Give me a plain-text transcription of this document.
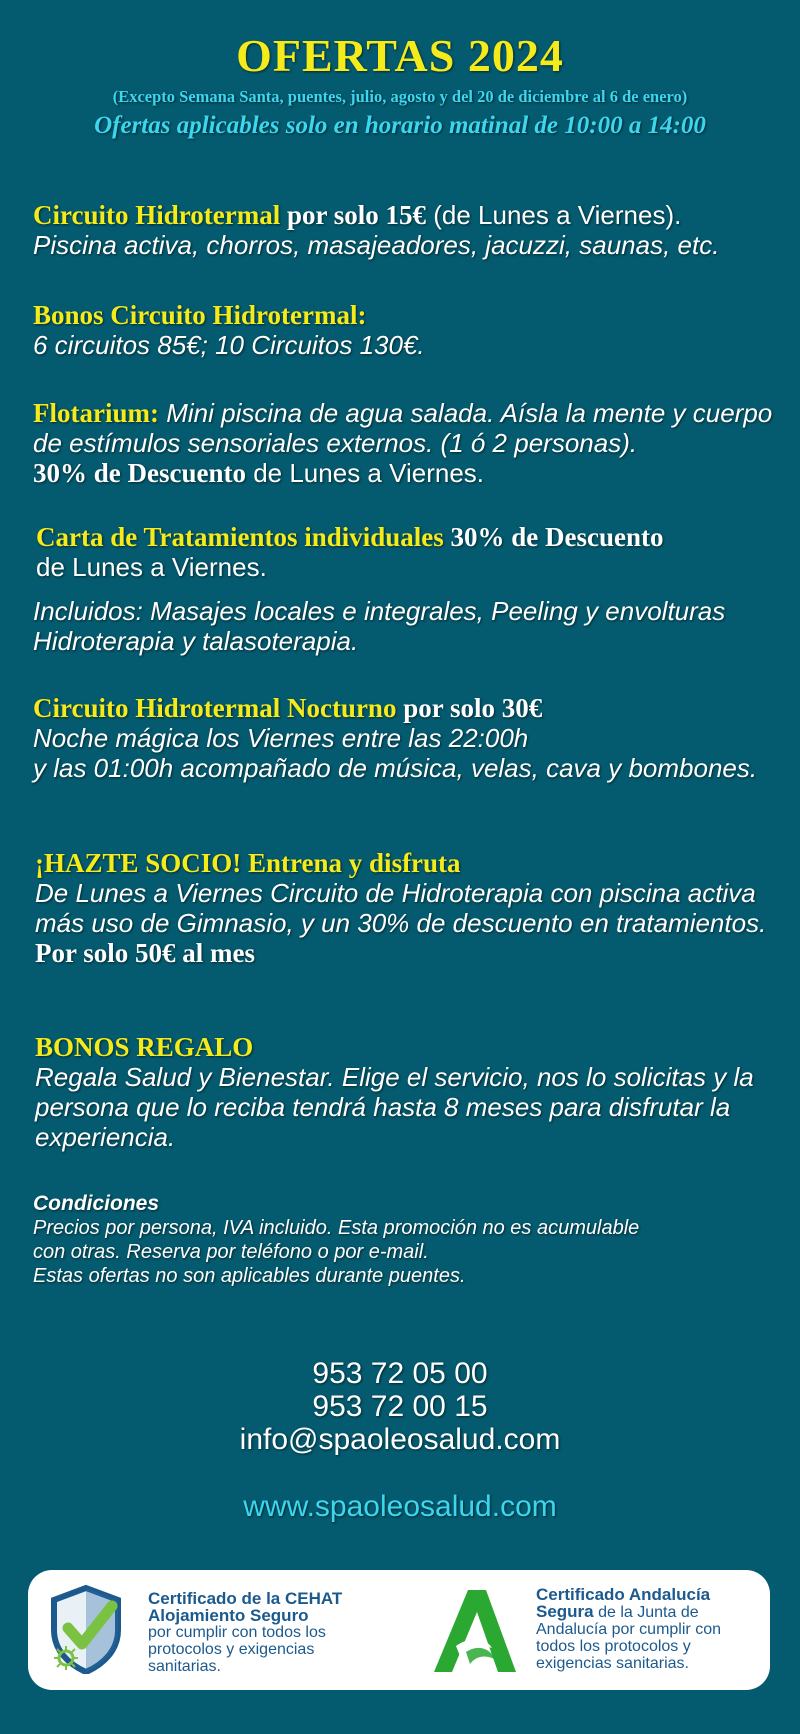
OFERTAS 2024
(Excepto Semana Santa, puentes, julio, agosto y del 20 de diciembre al 6 de enero)
Ofertas aplicables solo en horario matinal de 10:00 a 14:00

Circuito Hidrotermal por solo 15€ (de Lunes a Viernes).

Piscina activa, chorros, masajeadores, jacuzzi, saunas, etc.

Bonos Circuito Hidrotermal:

6 circuitos 85€; 10 Circuitos 130€.

Flotarium: Mini piscina de agua salada. Aísla la mente y cuerpo de estímulos sensoriales externos. (1 ó 2 personas).

30% de Descuento de Lunes a Viernes.

Carta de Tratamientos individuales 30% de Descuento

de Lunes a Viernes.

Incluidos: Masajes locales e integrales, Peeling y envolturas Hidroterapia y talasoterapia.

Circuito Hidrotermal Nocturno por solo 30€

Noche mágica los Viernes entre las 22:00h

y las 01:00h acompañado de música, velas, cava y bombones.

¡HAZTE SOCIO! Entrena y disfruta

De Lunes a Viernes Circuito de Hidroterapia con piscina activa más uso de Gimnasio, y un 30% de descuento en tratamientos.

Por solo 50€ al mes

BONOS REGALO

Regala Salud y Bienestar. Elige el servicio, nos lo solicitas y la persona que lo reciba tendrá hasta 8 meses para disfrutar la experiencia.

Condiciones
Precios por persona, IVA incluido. Esta promoción no es acumulable
con otras. Reserva por teléfono o por e-mail.
Estas ofertas no son aplicables durante puentes.
953 72 05 00
953 72 00 15
info@spaoleosalud.com
www.spaoleosalud.com
Certificado de la CEHAT
Alojamiento Seguro
por cumplir con todos los
protocolos y exigencias
sanitarias.
Certificado Andalucía
Segura de la Junta de
Andalucía por cumplir con
todos los protocolos y
exigencias sanitarias.
